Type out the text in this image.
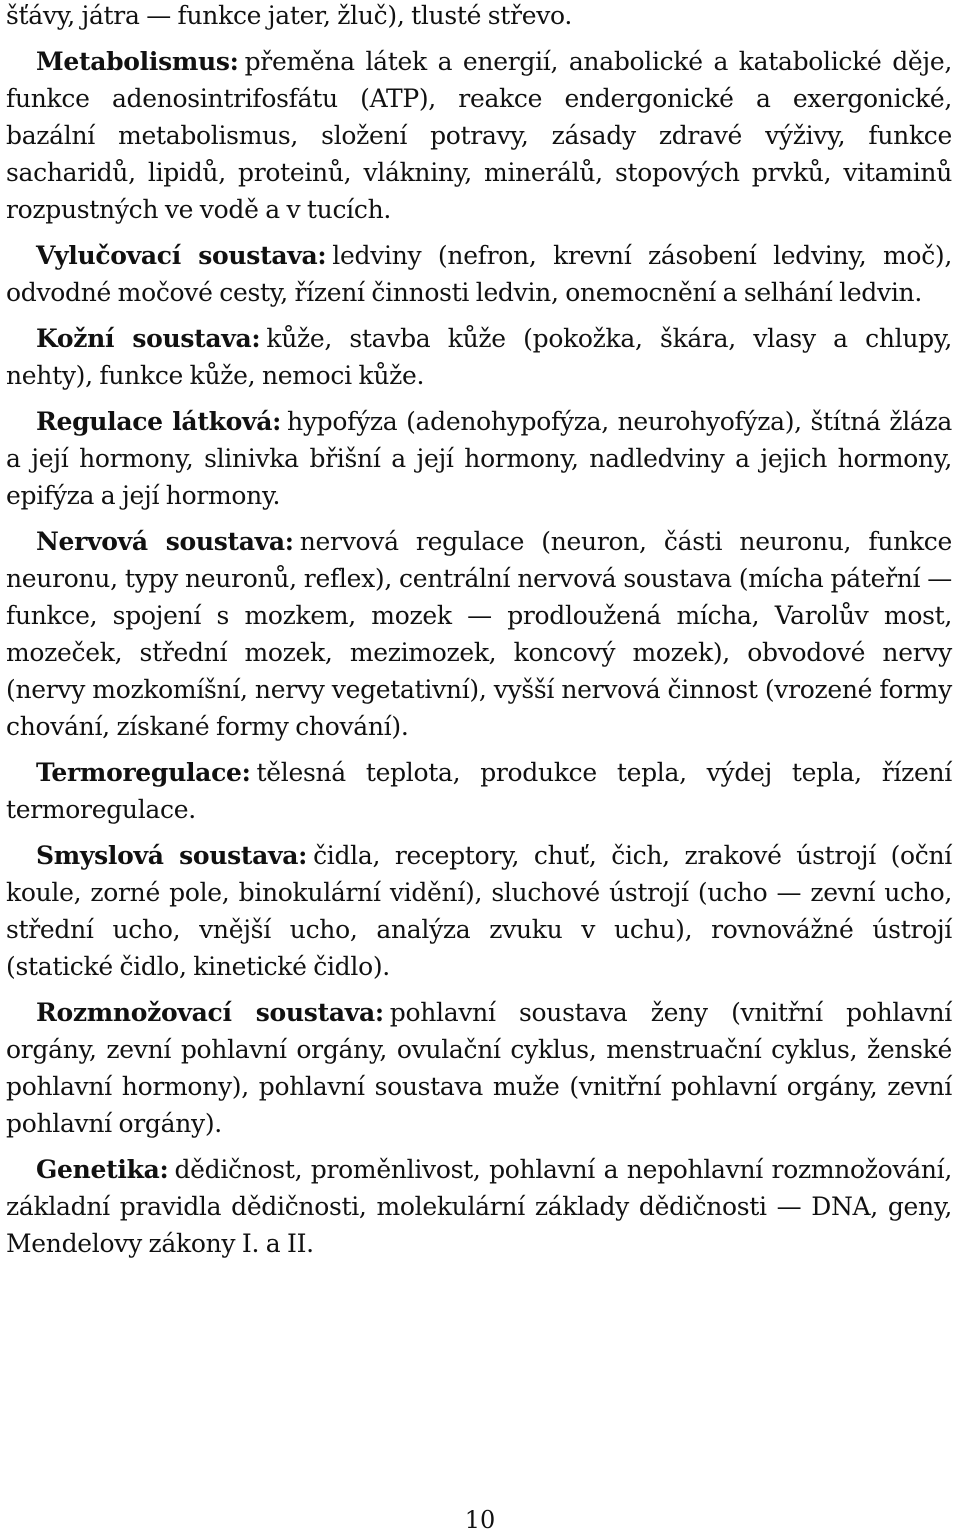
šťávy, játra — funkce jater, žluč), tlusté střevo.

Metabolismus: přeměna látek a energií, anabolické a katabolické děje, funkce adenosintrifosfátu (ATP), reakce endergonické a exergonické, bazální metabolismus, složení potravy, zásady zdravé výživy, funkce sacharidů, lipidů, proteinů, vlákniny, minerálů, stopových prvků, vitaminů rozpustných ve vodě a v tucích.

Vylučovací soustava: ledviny (nefron, krevní zásobení ledviny, moč), odvodné močové cesty, řízení činnosti ledvin, onemocnění a selhání ledvin.

Kožní soustava: kůže, stavba kůže (pokožka, škára, vlasy a chlupy, nehty), funkce kůže, nemoci kůže.

Regulace látková: hypofýza (adenohypofýza, neurohyofýza), štítná žláza a její hormony, slinivka břišní a její hormony, nadledviny a jejich hormony, epifýza a její hormony.

Nervová soustava: nervová regulace (neuron, části neuronu, funkce neuronu, typy neuronů, reflex), centrální nervová soustava (mícha páteřní — funkce, spojení s mozkem, mozek — prodloužená mícha, Varolův most, mozeček, střední mozek, mezimozek, koncový mozek), obvodové nervy (nervy mozkomíšní, nervy vegetativní), vyšší nervová činnost (vrozené formy chování, získané formy chování).

Termoregulace: tělesná teplota, produkce tepla, výdej tepla, řízení termoregulace.

Smyslová soustava: čidla, receptory, chuť, čich, zrakové ústrojí (oční koule, zorné pole, binokulární vidění), sluchové ústrojí (ucho — zevní ucho, střední ucho, vnější ucho, analýza zvuku v uchu), rovnovážné ústrojí (statické čidlo, kinetické čidlo).

Rozmnožovací soustava: pohlavní soustava ženy (vnitřní pohlavní orgány, zevní pohlavní orgány, ovulační cyklus, menstruační cyklus, ženské pohlavní hormony), pohlavní soustava muže (vnitřní pohlavní orgány, zevní pohlavní orgány).

Genetika: dědičnost, proměnlivost, pohlavní a nepohlavní rozmnožování, základní pravidla dědičnosti, molekulární základy dědičnosti — DNA, geny, Mendelovy zákony I. a II.

10
